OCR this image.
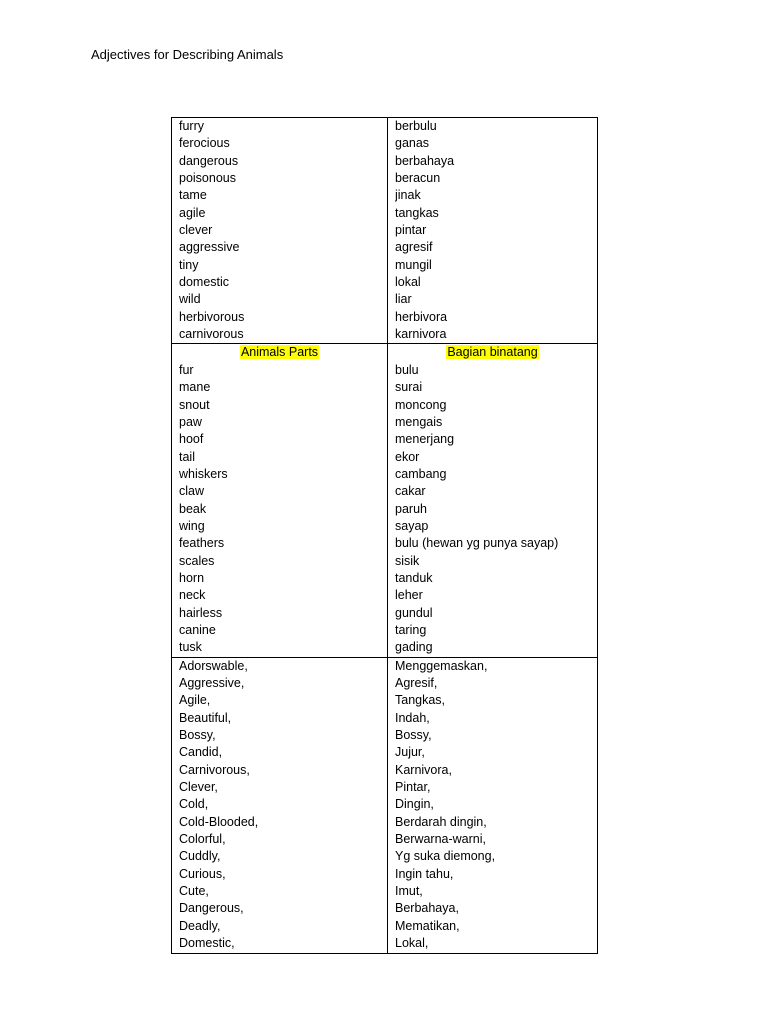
Adjectives for Describing Animals
furry
ferocious
dangerous
poisonous
tame
agile
clever
aggressive
tiny
domestic
wild
herbivorous
carnivorous
berbulu
ganas
berbahaya
beracun
jinak
tangkas
pintar
agresif
mungil
lokal
liar
herbivora
karnivora
Animals Parts
fur
mane
snout
paw
hoof
tail
whiskers
claw
beak
wing
feathers
scales
horn
neck
hairless
canine
tusk
Bagian binatang
bulu
surai
moncong
mengais
menerjang
ekor
cambang
cakar
paruh
sayap
bulu (hewan yg punya sayap)
sisik
tanduk
leher
gundul
taring
gading
Adorswable,
Aggressive,
Agile,
Beautiful,
Bossy,
Candid,
Carnivorous,
Clever,
Cold,
Cold-Blooded,
Colorful,
Cuddly,
Curious,
Cute,
Dangerous,
Deadly,
Domestic,
Menggemaskan,
Agresif,
Tangkas,
Indah,
Bossy,
Jujur,
Karnivora,
Pintar,
Dingin,
Berdarah dingin,
Berwarna-warni,
Yg suka diemong,
Ingin tahu,
Imut,
Berbahaya,
Mematikan,
Lokal,
